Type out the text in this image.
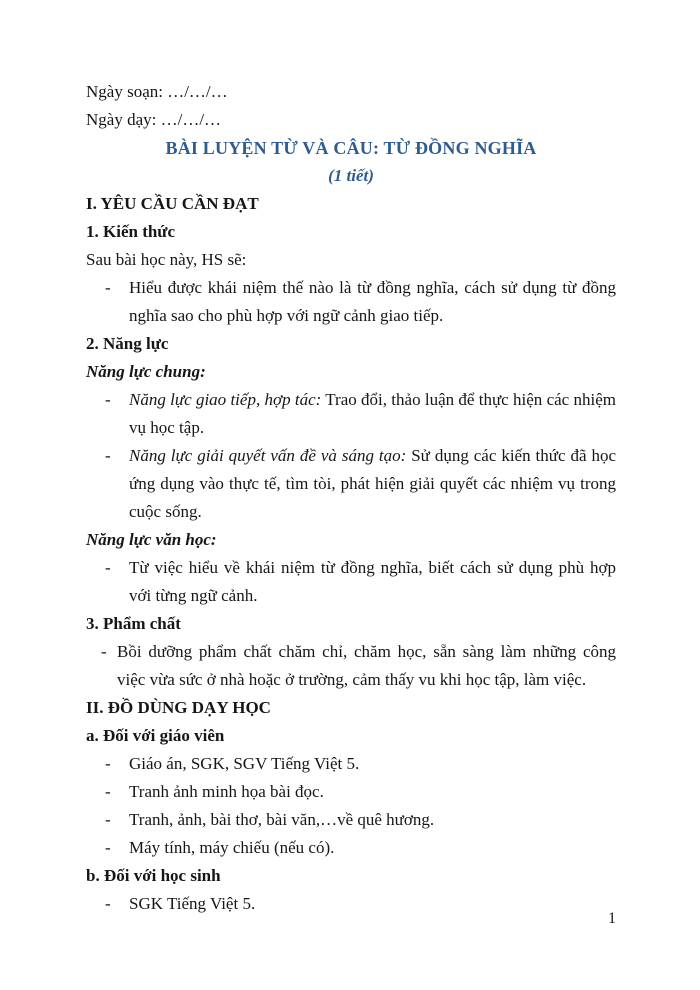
Ngày soạn: …/…/…

Ngày dạy: …/…/…

BÀI LUYỆN TỪ VÀ CÂU: TỪ ĐỒNG NGHĨA

(1 tiết)

I. YÊU CẦU CẦN ĐẠT

1. Kiến thức

Sau bài học này, HS sẽ:

-	Hiểu được khái niệm thế nào là từ đồng nghĩa, cách sử dụng từ đồng nghĩa sao cho phù hợp với ngữ cảnh giao tiếp.

2. Năng lực

Năng lực chung:

-	Năng lực giao tiếp, hợp tác: Trao đổi, thảo luận để thực hiện các nhiệm vụ học tập.
-	Năng lực giải quyết vấn đề và sáng tạo: Sử dụng các kiến thức đã học ứng dụng vào thực tế, tìm tòi, phát hiện giải quyết các nhiệm vụ trong cuộc sống.

Năng lực văn học:

-	Từ việc hiểu về khái niệm từ đồng nghĩa, biết cách sử dụng phù hợp với từng ngữ cảnh.

3. Phẩm chất

- Bồi dưỡng phẩm chất chăm chỉ, chăm học, sẵn sàng làm những công việc vừa sức ở nhà hoặc ở trường, cảm thấy vu khi học tập, làm việc.

II. ĐỒ DÙNG DẠY HỌC

a. Đối với giáo viên

-	Giáo án, SGK, SGV Tiếng Việt 5.
-	Tranh ảnh minh họa bài đọc.
-	Tranh, ảnh, bài thơ, bài văn,…về quê hương.
-	Máy tính, máy chiếu (nếu có).

b. Đối với học sinh

-	SGK Tiếng Việt 5.
1
